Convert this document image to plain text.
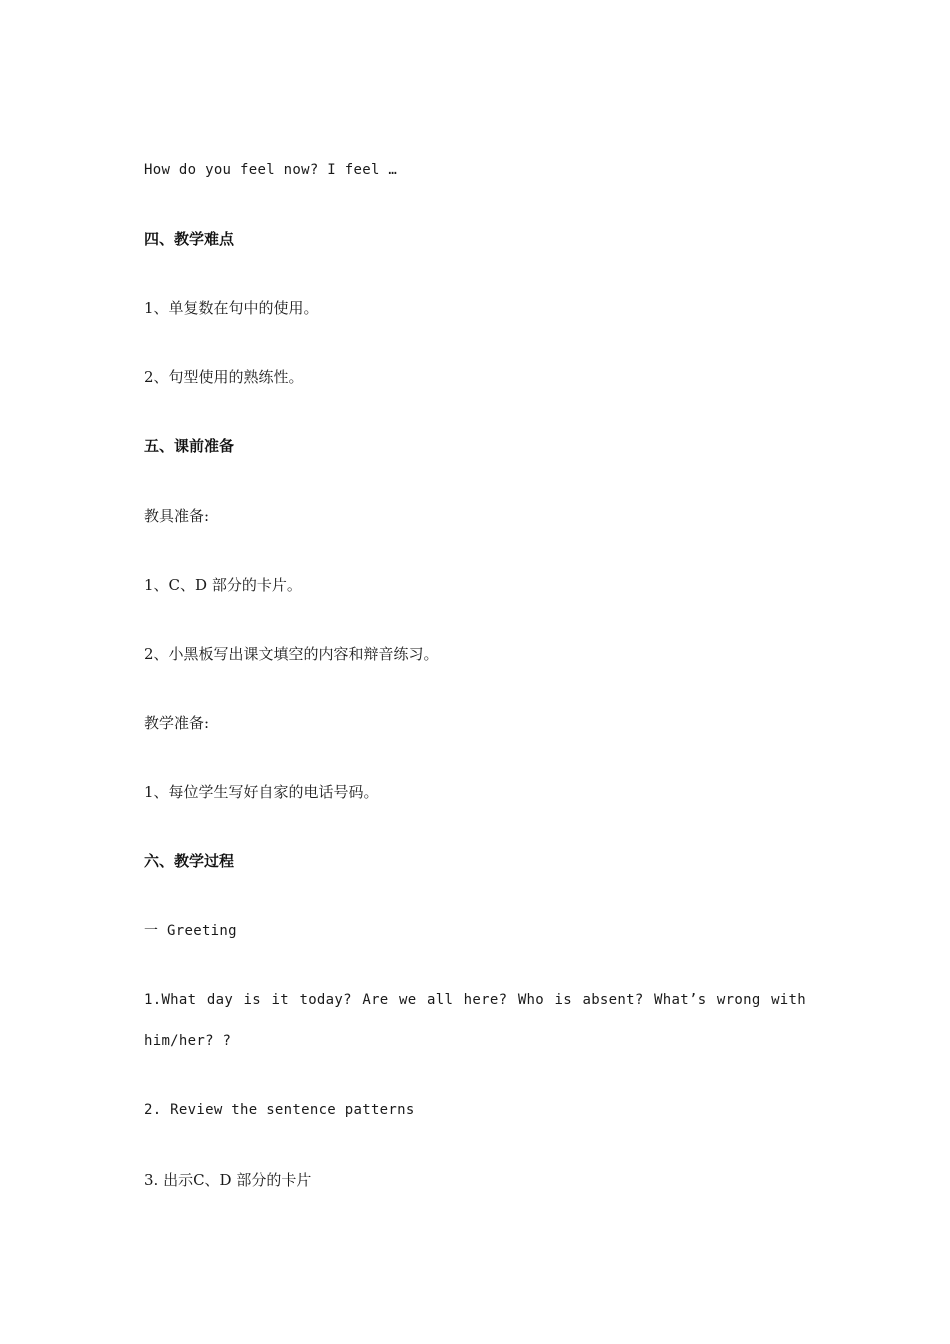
How do you feel now? I feel …
四、教学难点
1、单复数在句中的使用。
2、句型使用的熟练性。
五、课前准备
教具准备:
1、C、D 部分的卡片。
2、小黑板写出课文填空的内容和辩音练习。
教学准备:
1、每位学生写好自家的电话号码。
六、教学过程
一 Greeting
1.What day is it today? Are we all here? Who is absent? What’s wrong with
him/her? ?
2. Review the sentence patterns
3. 出示C、D 部分的卡片
